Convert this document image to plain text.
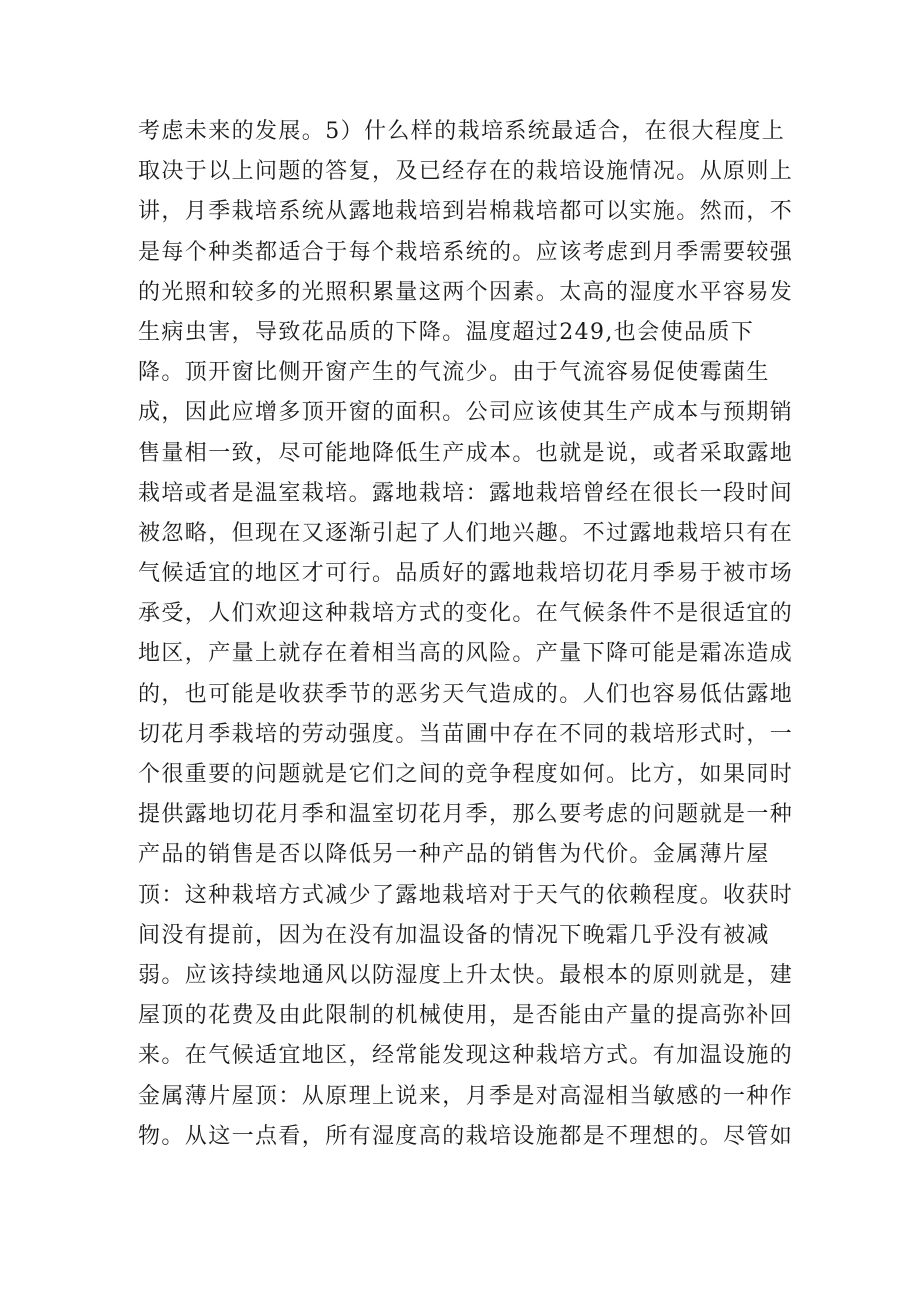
考虑未来的发展。5）什么样的栽培系统最适合，在很大程度上
取决于以上问题的答复，及已经存在的栽培设施情况。从原则上
讲，月季栽培系统从露地栽培到岩棉栽培都可以实施。然而，不
是每个种类都适合于每个栽培系统的。应该考虑到月季需要较强
的光照和较多的光照积累量这两个因素。太高的湿度水平容易发
生病虫害，导致花品质的下降。温度超过249,也会使品质下
降。顶开窗比侧开窗产生的气流少。由于气流容易促使霉菌生
成，因此应增多顶开窗的面积。公司应该使其生产成本与预期销
售量相一致，尽可能地降低生产成本。也就是说，或者采取露地
栽培或者是温室栽培。露地栽培：露地栽培曾经在很长一段时间
被忽略，但现在又逐渐引起了人们地兴趣。不过露地栽培只有在
气候适宜的地区才可行。品质好的露地栽培切花月季易于被市场
承受，人们欢迎这种栽培方式的变化。在气候条件不是很适宜的
地区，产量上就存在着相当高的风险。产量下降可能是霜冻造成
的，也可能是收获季节的恶劣天气造成的。人们也容易低估露地
切花月季栽培的劳动强度。当苗圃中存在不同的栽培形式时，一
个很重要的问题就是它们之间的竞争程度如何。比方，如果同时
提供露地切花月季和温室切花月季，那么要考虑的问题就是一种
产品的销售是否以降低另一种产品的销售为代价。金属薄片屋
顶：这种栽培方式减少了露地栽培对于天气的依赖程度。收获时
间没有提前，因为在没有加温设备的情况下晚霜几乎没有被减
弱。应该持续地通风以防湿度上升太快。最根本的原则就是，建
屋顶的花费及由此限制的机械使用，是否能由产量的提高弥补回
来。在气候适宜地区，经常能发现这种栽培方式。有加温设施的
金属薄片屋顶：从原理上说来，月季是对高湿相当敏感的一种作
物。从这一点看，所有湿度高的栽培设施都是不理想的。尽管如
